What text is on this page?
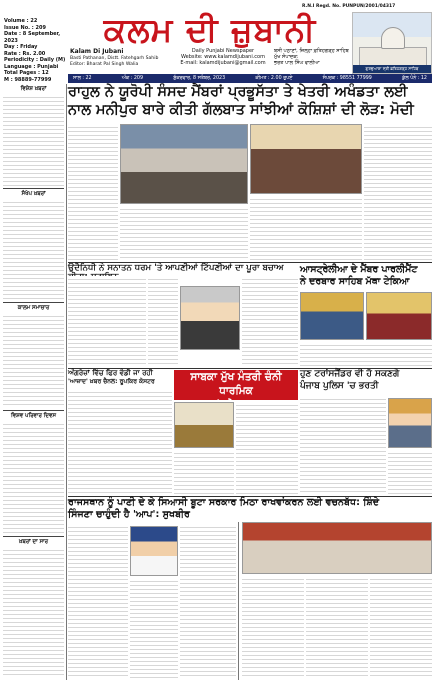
R.N.I Regd. No. PUNPUN/2001/04317
Volume : 22
Issue No. : 209
Date : 8 September, 2023
Day : Friday
Rate : Rs. 2.00
Periodicity : Daily (M)
Language : Punjabi
Total Pages : 12
M : 98889-77999
ਕਲਮ ਦੀ ਜ਼ੁਬਾਨੀ
Kalam Di Jubani
Basti Pathanan, Distt. Fatehgarh Sahib
Editor: Bharat Pal Singh Walia
Daily Punjabi Newspaper
Website: www.kalamdijubani.com
E-mail: kalamdijubani@gmail.com
ਬਸੀ ਪਠਾਣਾਂ, ਜ਼ਿਲ੍ਹਾ ਫ਼ਤਿਹਗੜ੍ਹ ਸਾਹਿਬ
ਮੁੱਖ ਸੰਪਾਦਕ:
ਭਰਤ ਪਾਲ ਸਿੰਘ ਵਾਲੀਆ
ਗੁਰਦੁਆਰਾ ਸ੍ਰੀ ਫ਼ਤਿਹਗੜ੍ਹ ਸਾਹਿਬ
ਸਾਲ : 22	ਅੰਕ : 209	ਸ਼ੁੱਕਰਵਾਰ, 8 ਸਤੰਬਰ, 2023	ਕੀਮਤ : 2.00 ਰੁਪਏ	ਸੰਪਰਕ : 98551 77999	ਕੁੱਲ ਪੰਨੇ : 12
ਵਿਸ਼ੇਸ਼ ਖ਼ਬਰਾਂ
ਸੰਖੇਪ ਖ਼ਬਰਾਂ
ਕਾਲਮ ਸਮਾਚਾਰ
ਵਿਸ਼ਵ ਪਰਿਵਾਰ ਦਿਵਸ
ਖ਼ਬਰਾਂ ਦਾ ਸਾਰ
ਰਾਹੁਲ ਨੇ ਯੂਰੋਪੀ ਸੰਸਦ ਮੈਂਬਰਾਂ ਪ੍ਰਭੂਸੱਤਾ ਤੇ ਖੇਤਰੀ ਅਖੰਡਤਾ ਲਈ
ਨਾਲ ਮਨੀਪੁਰ ਬਾਰੇ ਕੀਤੀ ਗੱਲਬਾਤ ਸਾਂਝੀਆਂ ਕੋਸ਼ਿਸ਼ਾਂ ਦੀ ਲੋੜ: ਮੋਦੀ
ਉਦੈਨਿਧੀ ਨੇ ਸਨਾਤਨ ਧਰਮ 'ਤੇ ਆਪਣੀਆਂ ਟਿੱਪਣੀਆਂ ਦਾ ਪੂਰਾ ਬਚਾਅ	ਆਸਟ੍ਰੇਲੀਆ ਦੇ ਮੈਂਬਰ ਪਾਰਲੀਮੈਂਟ
ਨੇ ਦਰਬਾਰ ਸਾਹਿਬ ਮੱਥਾ ਟੇਕਿਆ
ਅੰਗਰੇਜ਼ਾਂ ਵਿੱਚ ਫਿਰ ਵੰਡੀ ਜਾ ਰਹੀ
'ਆਜ਼ਾਦ' ਖ਼ਬਰ ਚੈਨਲ: ਰੂਪਕਿਰ ਕੋਸਟਰ	ਸਾਬਕਾ ਮੁੱਖ ਮੰਤਰੀ ਚੰਨੀ ਧਾਰਮਿਕ
ਹੁਣ ਟਰਾਂਸਜੈਂਡਰ ਵੀ ਹੋ ਸਕਣਗੇ
ਪੰਜਾਬ ਪੁਲਿਸ 'ਚ ਭਰਤੀ
ਰਾਜਸਥਾਨ ਨੂੰ ਪਾਣੀ ਦੇ ਕੇ ਸਿਆਸੀ ਬੂਟਾ ਸਰਕਾਰ ਮਿਠਾ ਰਾਖਵਾਂਕਰਨ ਲਈ ਵਚਨਬੱਧ: ਸ਼ਿੰਦੇ
ਸਿੰਜਣਾ ਚਾਹੁੰਦੀ ਹੈ 'ਆਪ': ਸੁਖਬੀਰ
